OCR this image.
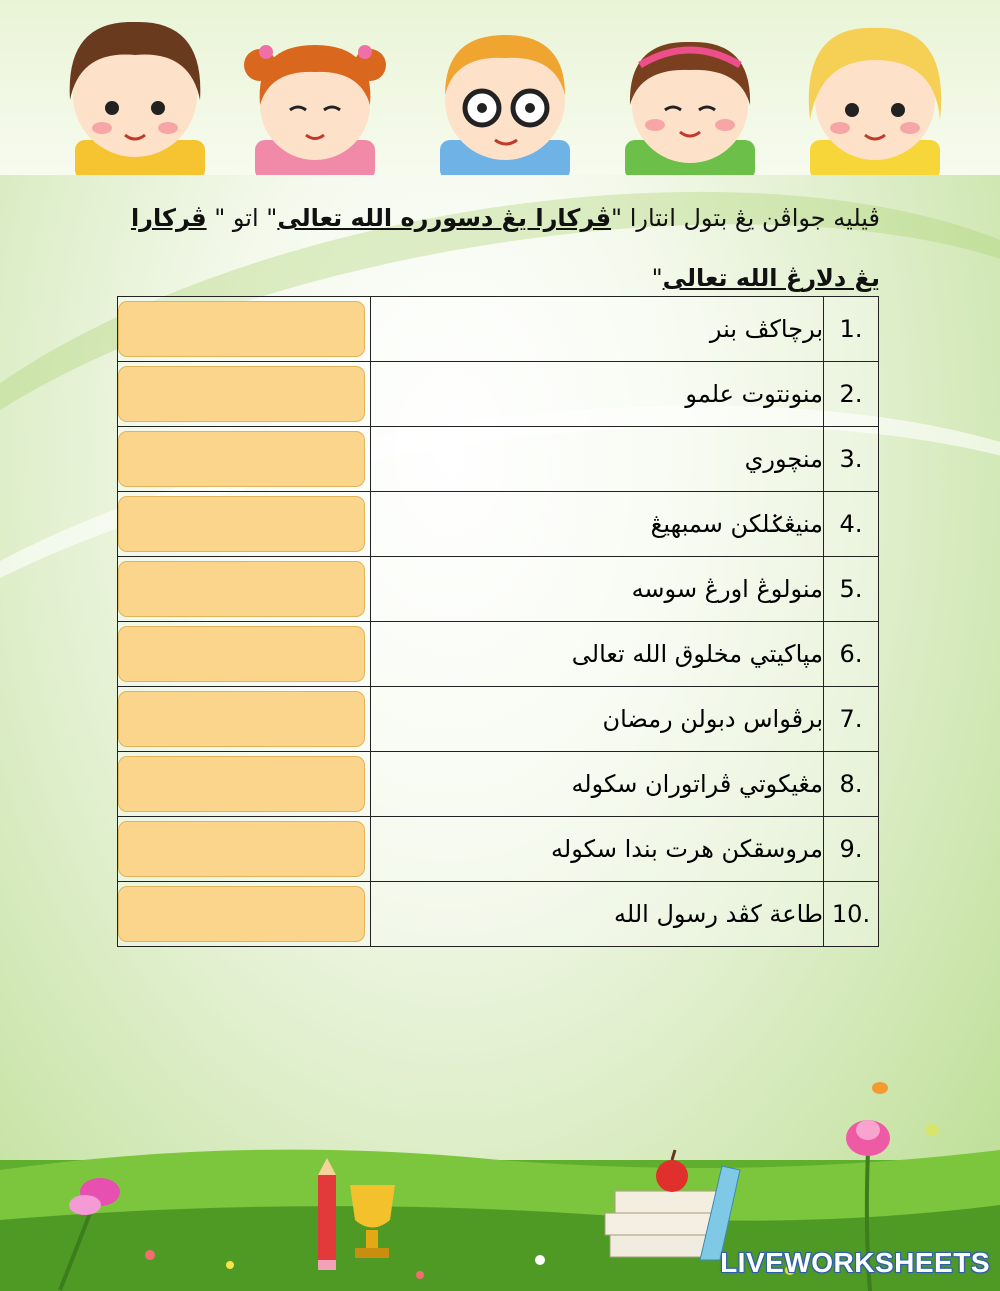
ڤيليه جواڤن يڠ بتول انتارا "ڤركارا يڠ دسورره الله تعالى" اتو " ڤركارا يڠ دلارڠ الله تعالى"
	برچاكڤ بنر	1.

	منونتوت علمو	2.

	منچوري	3.

	منيڠݢلکن سمبهيڠ	4.

	منولوڠ اورڠ سوسه	5.

	مپاكيتي مخلوق الله تعالى	6.

	برڤواس دبولن رمضان	7.

	مڠيكوتي ڤراتوران سكوله	8.

	مروسقكن هرت بندا سكوله	9.

	طاعة كڤد رسول الله	10.
LIVEWORKSHEETS
